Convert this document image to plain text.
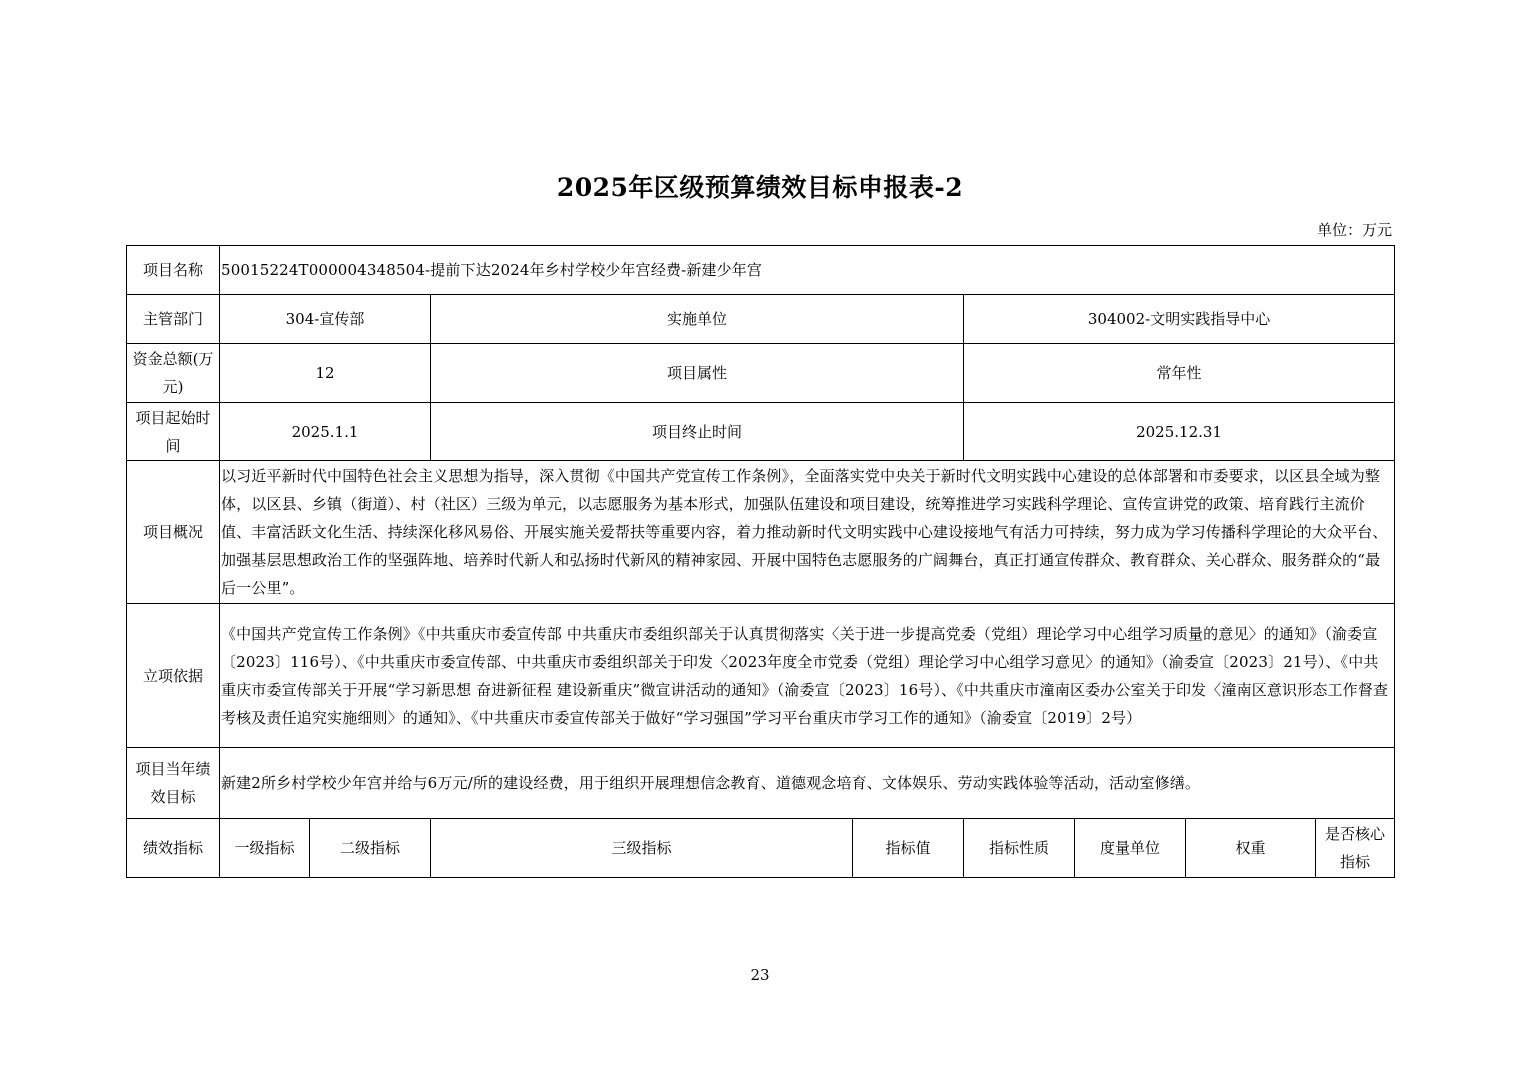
2025年区级预算绩效目标申报表-2
单位：万元
项目名称	50015224T000004348504-提前下达2024年乡村学校少年宫经费-新建少年宫							
主管部门	304-宣传部		实施单位		304002-文明实践指导中心			
资金总额(万元)	12		项目属性		常年性			
项目起始时间	2025.1.1		项目终止时间		2025.12.31			
项目概况	以习近平新时代中国特色社会主义思想为指导，深入贯彻《中国共产党宣传工作条例》，全面落实党中央关于新时代文明实践中心建设的总体部署和市委要求，以区县全域为整体，以区县、乡镇（街道）、村（社区）三级为单元，以志愿服务为基本形式，加强队伍建设和项目建设，统筹推进学习实践科学理论、宣传宣讲党的政策、培育践行主流价值、丰富活跃文化生活、持续深化移风易俗、开展实施关爱帮扶等重要内容，着力推动新时代文明实践中心建设接地气有活力可持续，努力成为学习传播科学理论的大众平台、加强基层思想政治工作的坚强阵地、培养时代新人和弘扬时代新风的精神家园、开展中国特色志愿服务的广阔舞台，真正打通宣传群众、教育群众、关心群众、服务群众的“最后一公里”。							
立项依据	《中国共产党宣传工作条例》《中共重庆市委宣传部 中共重庆市委组织部关于认真贯彻落实〈关于进一步提高党委（党组）理论学习中心组学习质量的意见〉的通知》（渝委宣〔2023〕116号）、《中共重庆市委宣传部、中共重庆市委组织部关于印发〈2023年度全市党委（党组）理论学习中心组学习意见〉的通知》（渝委宣〔2023〕21号）、《中共重庆市委宣传部关于开展“学习新思想 奋进新征程 建设新重庆”微宣讲活动的通知》（渝委宣〔2023〕16号）、《中共重庆市潼南区委办公室关于印发〈潼南区意识形态工作督查考核及责任追究实施细则〉的通知》、《中共重庆市委宣传部关于做好“学习强国”学习平台重庆市学习工作的通知》（渝委宣〔2019〕2号）							
项目当年绩效目标	新建2所乡村学校少年宫并给与6万元/所的建设经费，用于组织开展理想信念教育、道德观念培育、文体娱乐、劳动实践体验等活动，活动室修缮。							
绩效指标	一级指标	二级指标	三级指标	指标值	指标性质	度量单位	权重	是否核心指标
23
